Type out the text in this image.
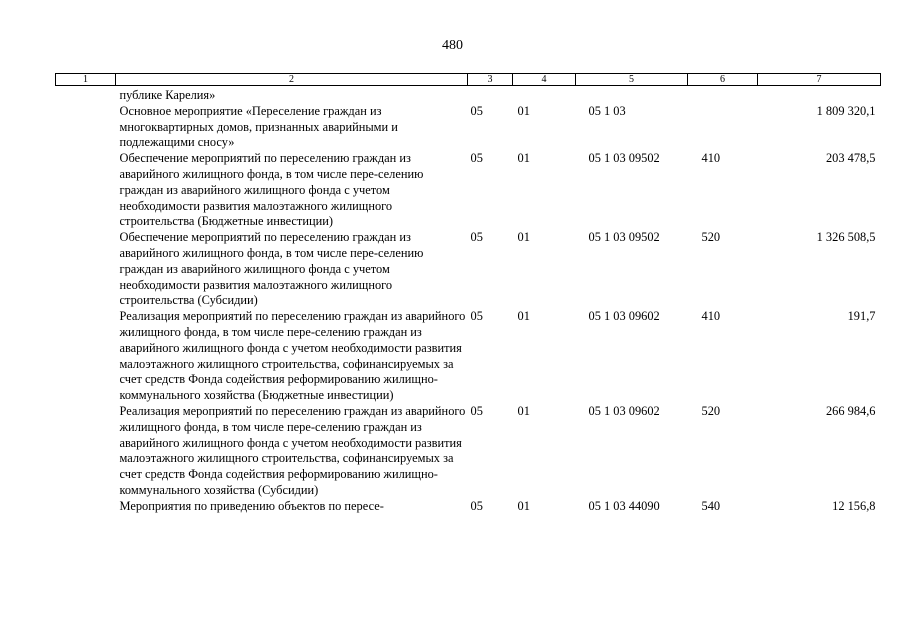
480
1	2	3	4	5	6	7
	публике Карелия»					
	Основное мероприятие «Переселение граждан из многоквартирных домов, признанных аварийными и подлежащими сносу»	05	01	05 1 03		1 809 320,1
	Обеспечение мероприятий по переселению граждан из аварийного жилищного фонда, в том числе пере-селению граждан из аварийного жилищного фонда с учетом необходимости развития малоэтажного жилищного строительства (Бюджетные инвестиции)	05	01	05 1 03 09502	410	203 478,5
	Обеспечение мероприятий по переселению граждан из аварийного жилищного фонда, в том числе пере-селению граждан из аварийного жилищного фонда с учетом необходимости развития малоэтажного жилищного строительства (Субсидии)	05	01	05 1 03 09502	520	1 326 508,5
	Реализация мероприятий по переселению граждан из аварийного жилищного фонда, в том числе пере-селению граждан из аварийного жилищного фонда с учетом необходимости развития малоэтажного жилищного строительства, софинансируемых за счет средств Фонда содействия реформированию жилищно-коммунального хозяйства (Бюджетные инвестиции)	05	01	05 1 03 09602	410	191,7
	Реализация мероприятий по переселению граждан из аварийного жилищного фонда, в том числе пере-селению граждан из аварийного жилищного фонда с учетом необходимости развития малоэтажного жилищного строительства, софинансируемых за счет средств Фонда содействия реформированию жилищно-коммунального хозяйства (Субсидии)	05	01	05 1 03 09602	520	266 984,6
	Мероприятия по приведению объектов по пересе-	05	01	05 1 03 44090	540	12 156,8
